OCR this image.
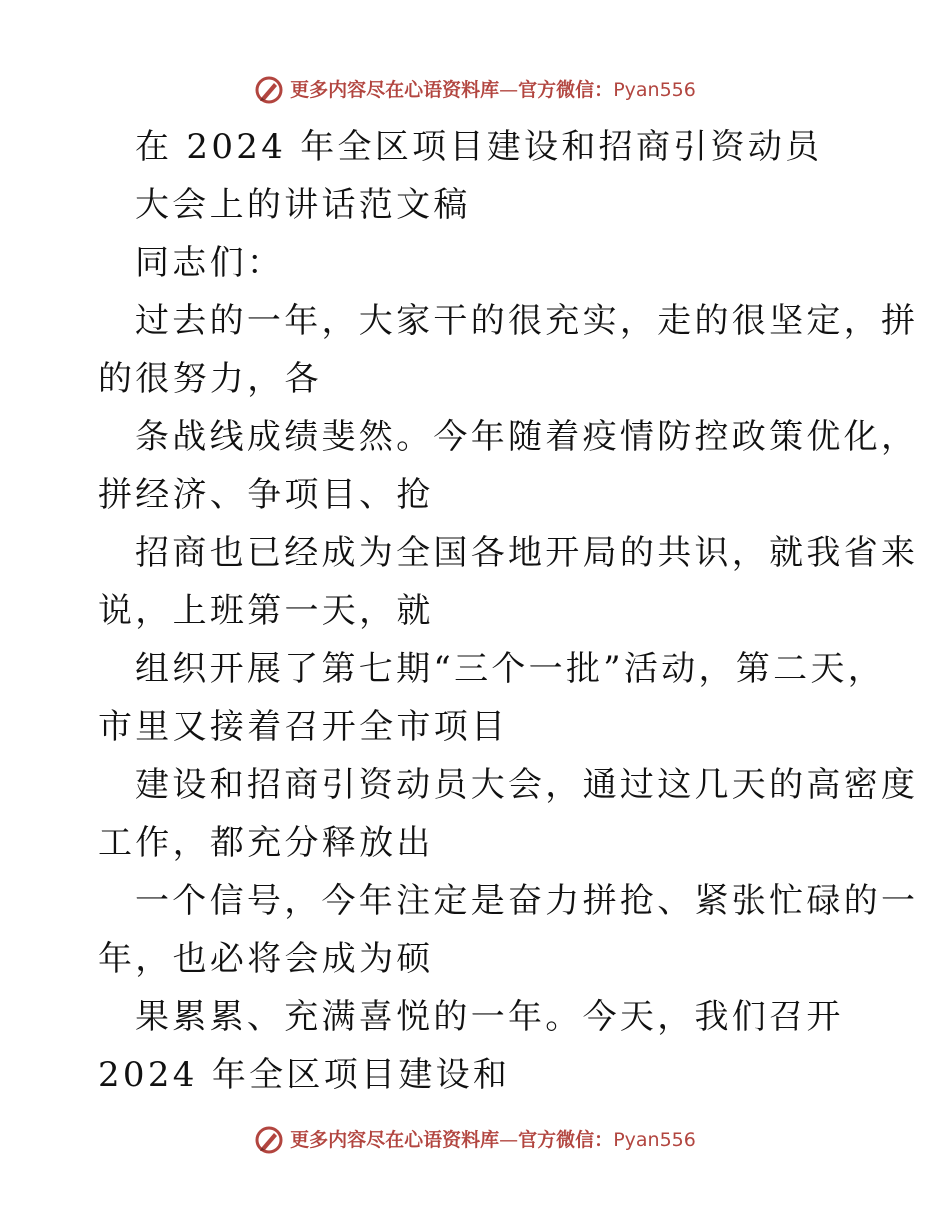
更多内容尽在心语资料库—官方微信：Pyan556
在 2024 年全区项目建设和招商引资动员
大会上的讲话范文稿
同志们：
过去的一年，大家干的很充实，走的很坚定，拼
的很努力，各
条战线成绩斐然。今年随着疫情防控政策优化，
拼经济、争项目、抢
招商也已经成为全国各地开局的共识，就我省来
说，上班第一天，就
组织开展了第七期“三个一批”活动，第二天，
市里又接着召开全市项目
建设和招商引资动员大会，通过这几天的高密度
工作，都充分释放出
一个信号，今年注定是奋力拼抢、紧张忙碌的一
年，也必将会成为硕
果累累、充满喜悦的一年。今天，我们召开
2024 年全区项目建设和
更多内容尽在心语资料库—官方微信：Pyan556
